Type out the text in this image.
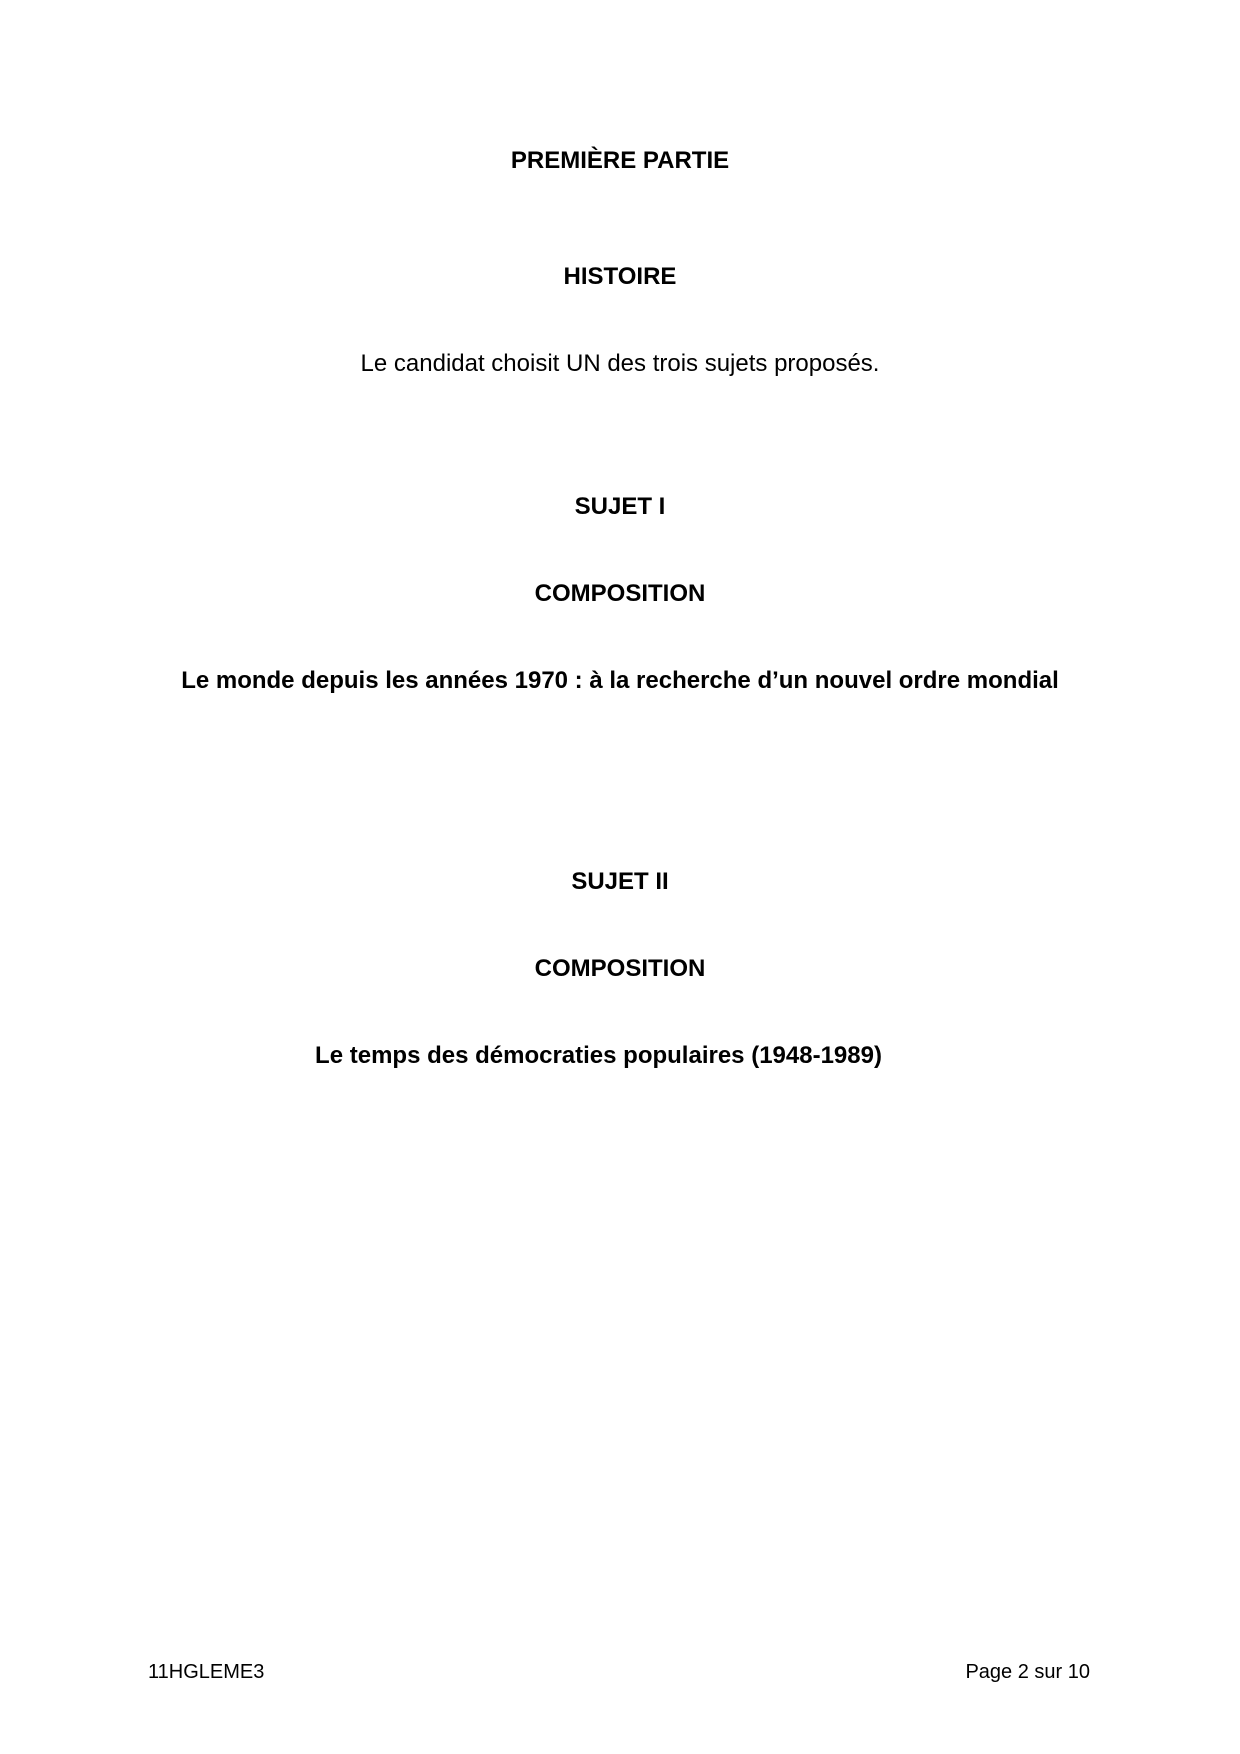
PREMIÈRE PARTIE
HISTOIRE
Le candidat choisit UN des trois sujets proposés.
SUJET I
COMPOSITION
Le monde depuis les années 1970 : à la recherche d’un nouvel ordre mondial
SUJET II
COMPOSITION
Le temps des démocraties populaires (1948-1989)
11HGLEME3	Page 2 sur 10
